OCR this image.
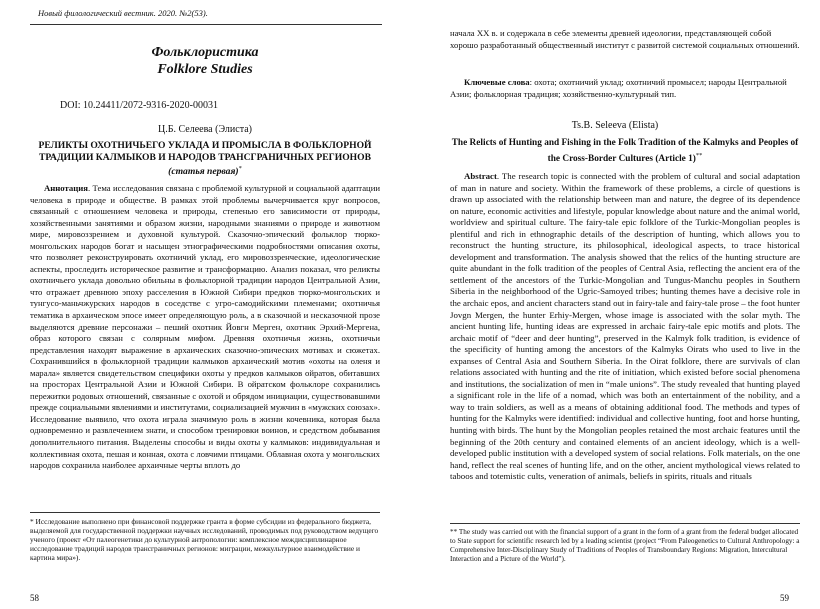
Новый филологический вестник. 2020. №2(53).
Фольклористика
Folklore Studies
DOI: 10.24411/2072-9316-2020-00031
Ц.Б. Селеева (Элиста)
РЕЛИКТЫ ОХОТНИЧЬЕГО УКЛАДА И ПРОМЫСЛА В ФОЛЬКЛОРНОЙ ТРАДИЦИИ КАЛМЫКОВ И НАРОДОВ ТРАНСГРАНИЧНЫХ РЕГИОНОВ (статья первая)*

Аннотация. Тема исследования связана с проблемой культурной и социальной адаптации человека в природе и обществе. В рамках этой проблемы вычерчивается круг вопросов, связанный с отношением человека и природы, степенью его зависимости от природы, хозяйственными занятиями и образом жизни, народными знаниями о природе и животном мире, мировоззрением и духовной культурой. Сказочно-эпический фольклор тюрко-монгольских народов богат и насыщен этнографическими подробностями описания охоты, что позволяет реконструировать охотничий уклад, его мировоззренческие, идеологические аспекты, проследить историческое развитие и трансформацию. Анализ показал, что реликты охотничьего уклада довольно обильны в фольклорной традиции народов Центральной Азии, что отражает древнюю эпоху расселения в Южной Сибири предков тюрко-монгольских и тунгусо-маньчжурских народов в соседстве с угро-самодийскими племенами; охотничья тематика в архаическом эпосе имеет определяющую роль, а в сказочной и несказочной прозе выделяются древние персонажи – пеший охотник Йовгн Мерген, охотник Эрхий-Мергена, образ которого связан с солярным мифом. Древняя охотничья жизнь, охотничьи представления находят выражение в архаических сказочно-эпических мотивах и сюжетах. Сохранившийся в фольклорной традиции калмыков архаический мотив «охоты на оленя и марала» является свидетельством специфики охоты у предков калмыков ойратов, обитавших на просторах Центральной Азии и Южной Сибири. В ойратском фольклоре сохранились пережитки родовых отношений, связанные с охотой и обрядом инициации, существовавшими прежде социальными явлениями и институтами, социализацией мужчин в «мужских союзах». Исследование выявило, что охота играла значимую роль в жизни кочевника, которая была одновременно и развлечением знати, и способом тренировки воинов, и средством добывания дополнительного питания. Выделены способы и виды охоты у калмыков: индивидуальная и коллективная охота, пешая и конная, охота с ловчими птицами. Облавная охота у монгольских народов сохранила наиболее архаичные черты вплоть до

* Исследование выполнено при финансовой поддержке гранта в форме субсидии из федерального бюджета, выделяемой для государственной поддержки научных исследований, проводимых под руководством ведущего ученого (проект «От палеогенетики до культурной антропологии: комплексное междисциплинарное исследование традиций народов трансграничных регионов: миграции, межкультурное взаимодействие и картина мира»).

58

начала XX в. и содержала в себе элементы древней идеологии, представляющей собой хорошо разработанный общественный институт с развитой системой социальных отношений.

Ключевые слова: охота; охотничий уклад; охотничий промысел; народы Центральной Азии; фольклорная традиция; хозяйственно-культурный тип.

Ts.B. Seleeva (Elista)
The Relicts of Hunting and Fishing in the Folk Tradition of the Kalmyks and Peoples of the Cross-Border Cultures (Article 1)**

Abstract. The research topic is connected with the problem of cultural and social adaptation of man in nature and society. Within the framework of these problems, a circle of questions is drawn up associated with the relationship between man and nature, the degree of its dependence on nature, economic activities and lifestyle, popular knowledge about nature and the animal world, worldview and spiritual culture. The fairy-tale epic folklore of the Turkic-Mongolian peoples is plentiful and rich in ethnographic details of the description of hunting, which allows you to reconstruct the hunting structure, its philosophical, ideological aspects, to trace historical development and transformation. The analysis showed that the relics of the hunting structure are quite abundant in the folk tradition of the peoples of Central Asia, reflecting the ancient era of the settlement of the ancestors of the Turkic-Mongolian and Tungus-Manchu peoples in Southern Siberia in the neighborhood of the Ugric-Samoyed tribes; hunting themes have a decisive role in the archaic epos, and ancient characters stand out in fairy-tale and fairy-tale prose – the foot hunter Jovgn Mergen, the hunter Erhiy-Mergen, whose image is associated with the solar myth. The ancient hunting life, hunting ideas are expressed in archaic fairy-tale epic motifs and plots. The archaic motif of “deer and deer hunting”, preserved in the Kalmyk folk tradition, is evidence of the specificity of hunting among the ancestors of the Kalmyks Oirats who used to live in the expanses of Central Asia and Southern Siberia. In the Oirat folklore, there are survivals of clan relations associated with hunting and the rite of initiation, which existed before social phenomena and institutions, the socialization of men in “male unions”. The study revealed that hunting played a significant role in the life of a nomad, which was both an entertainment of the nobility, and a way to train soldiers, as well as a means of obtaining additional food. The methods and types of hunting for the Kalmyks were identified: individual and collective hunting, foot and horse hunting, hunting with birds. The hunt by the Mongolian peoples retained the most archaic features until the beginning of the 20th century and contained elements of an ancient ideology, which is a well-developed public institution with a developed system of social relations. Folk materials, on the one hand, reflect the real scenes of hunting life, and on the other, ancient mythological views related to taboos and totemistic cults, veneration of animals, beliefs in spirits, rituals and rituals

** The study was carried out with the financial support of a grant in the form of a grant from the federal budget allocated to State support for scientific research led by a leading scientist (project “From Paleogenetics to Cultural Anthropology: a Comprehensive Inter-Disciplinary Study of Traditions of Peoples of Transboundary Regions: Migration, Intercultural Interaction and a Picture of the World”).

59
